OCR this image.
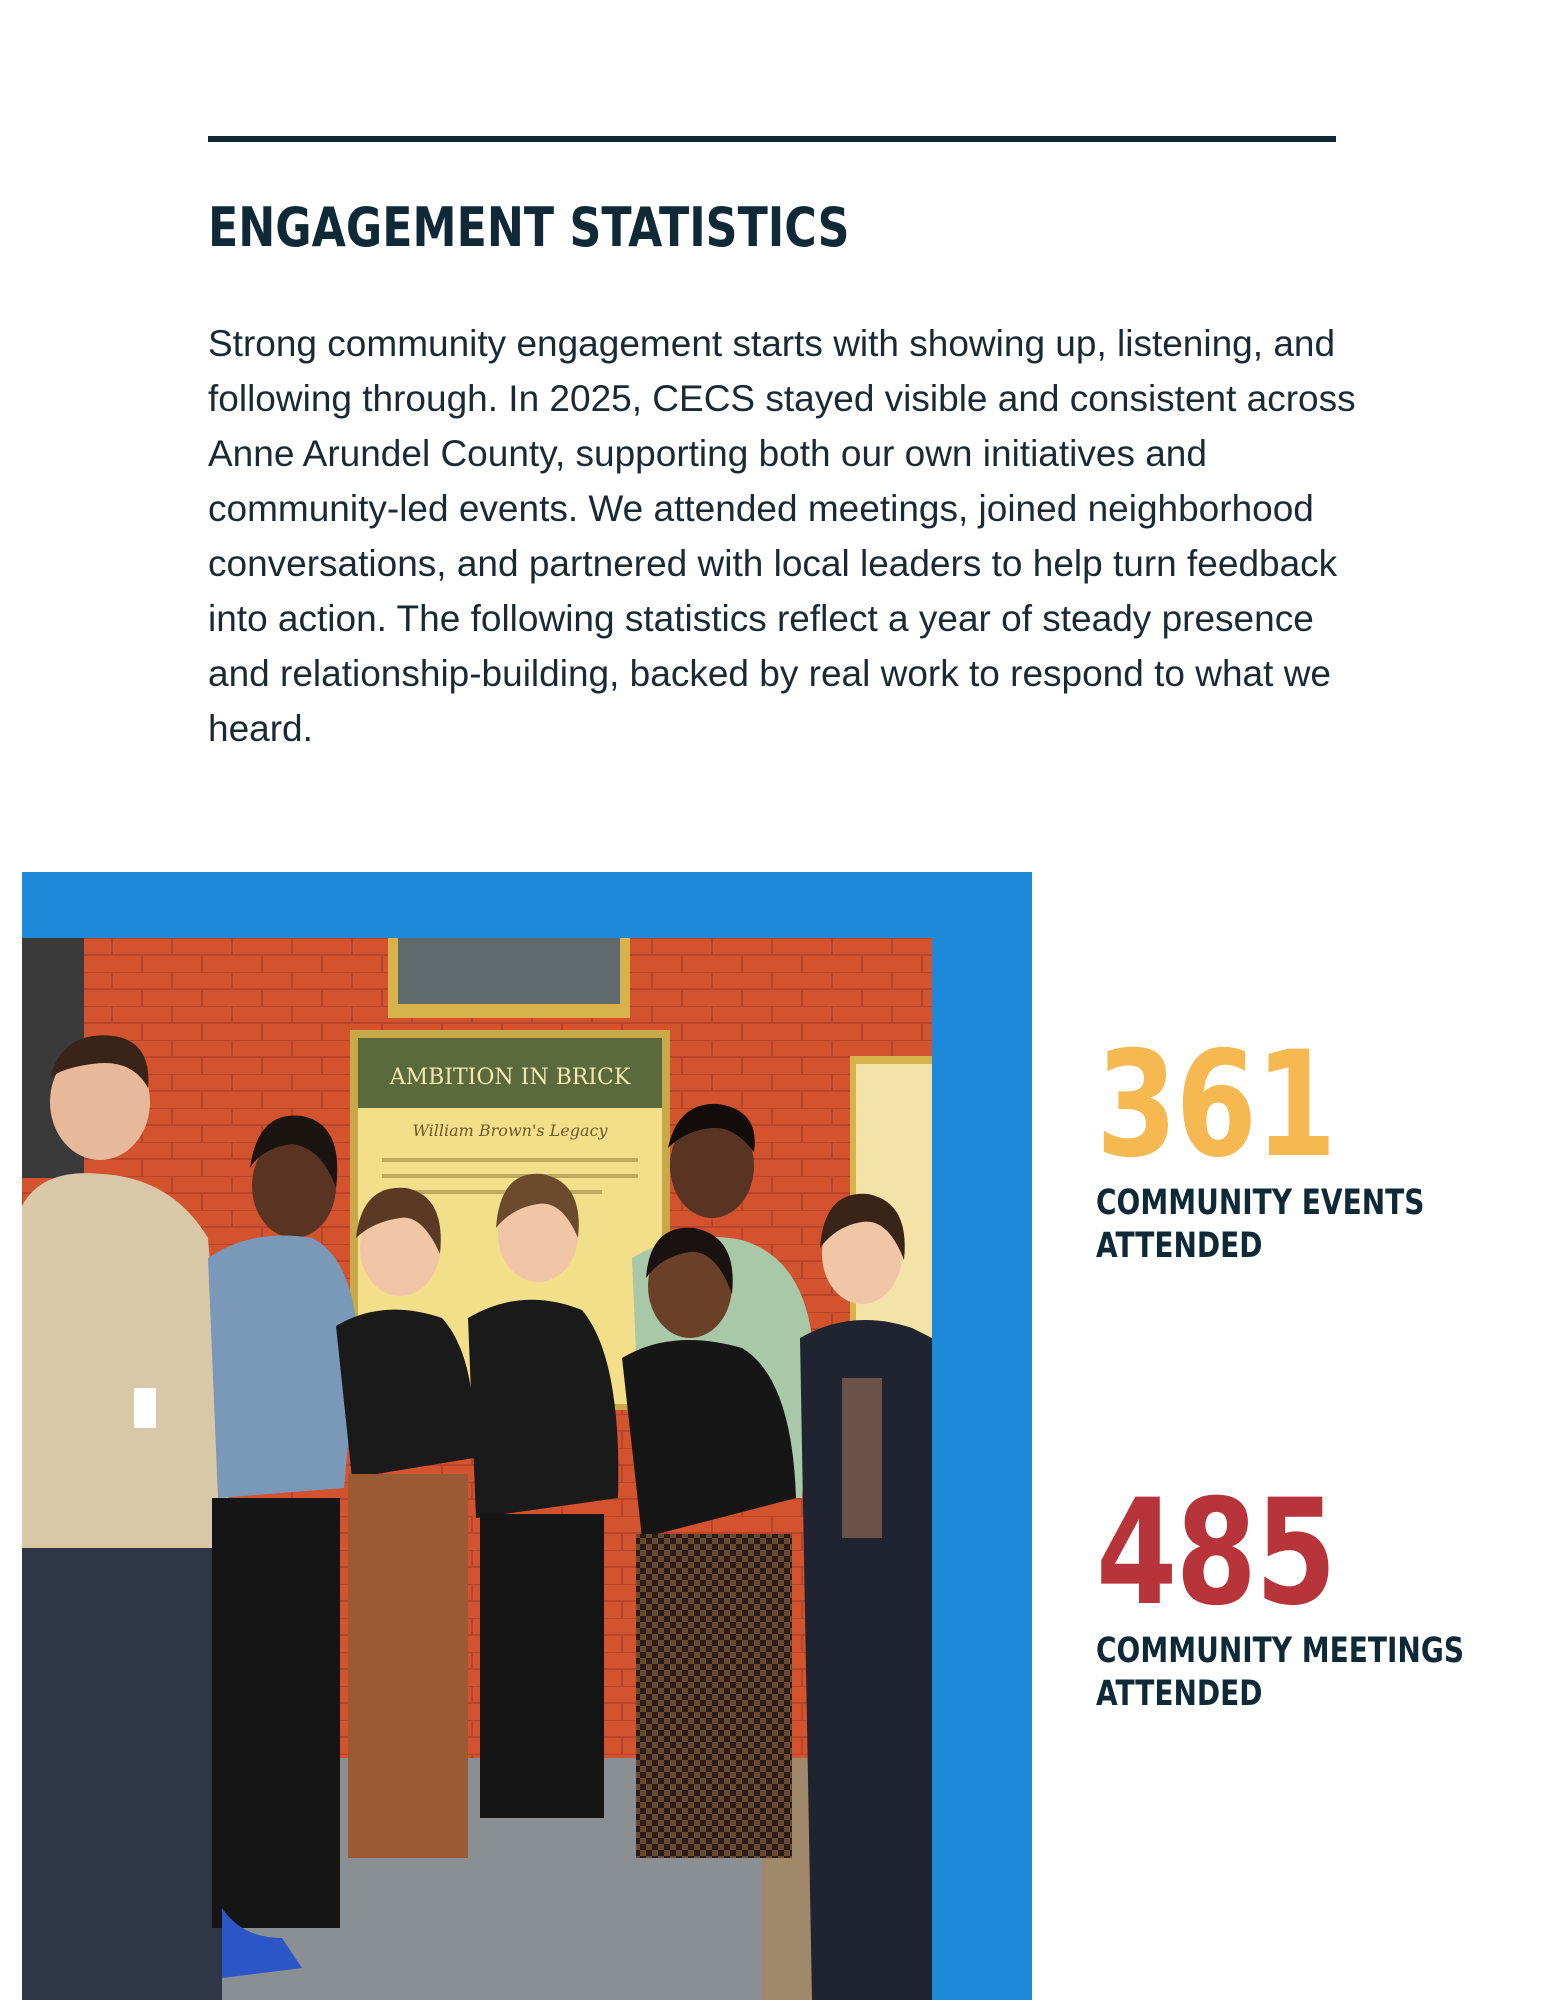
ENGAGEMENT STATISTICS

Strong community engagement starts with showing up, listening, and following through. In 2025, CECS stayed visible and consistent across Anne Arundel County, supporting both our own initiatives and community-led events. We attended meetings, joined neighborhood conversations, and partnered with local leaders to help turn feedback into action. The following statistics reflect a year of steady presence and relationship-building, backed by real work to respond to what we heard.

AMBITION IN BRICK
William Brown's Legacy	361
COMMUNITY EVENTS ATTENDED
485
COMMUNITY MEETINGS ATTENDED
